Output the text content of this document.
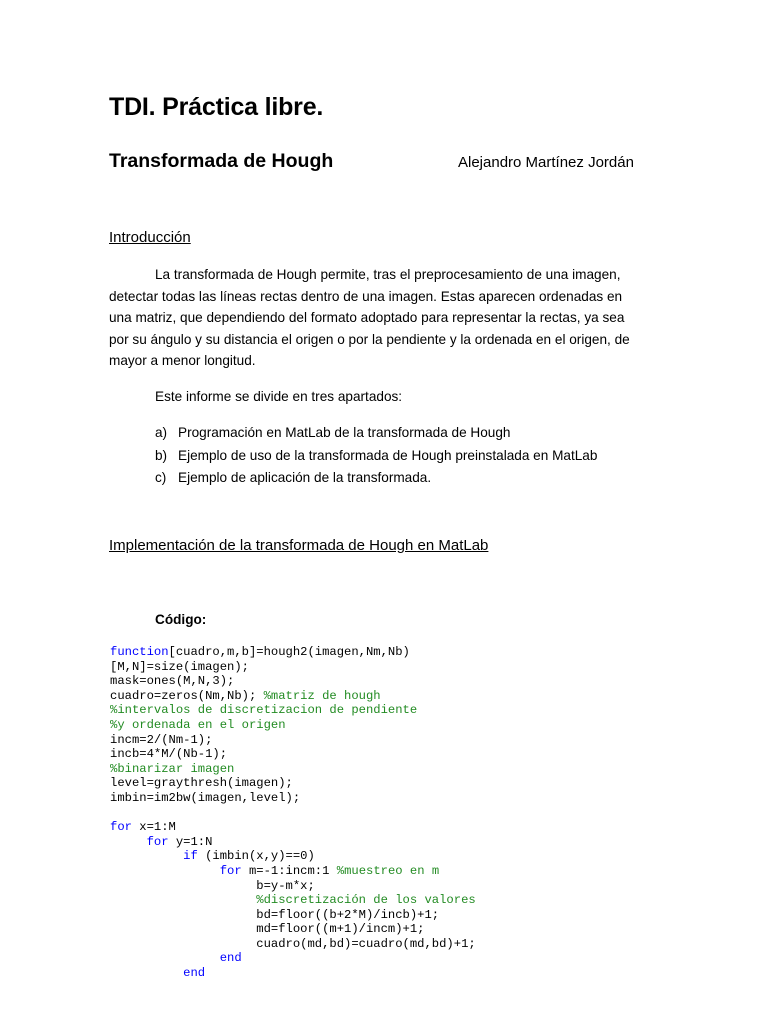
TDI. Práctica libre.
Transformada de Hough	Alejandro Martínez Jordán
Introducción
La transformada de Hough permite, tras el preprocesamiento de una imagen,
detectar todas las líneas rectas dentro de una imagen. Estas aparecen ordenadas en
una matriz, que dependiendo del formato adoptado para representar la rectas, ya sea
por su ángulo y su distancia el origen o por la pendiente y la ordenada en el origen, de
mayor a menor longitud.
Este informe se divide en tres apartados:
a) Programación en MatLab de la transformada de Hough
b) Ejemplo de uso de la transformada de Hough preinstalada en MatLab
c) Ejemplo de aplicación de la transformada.
Implementación de la transformada de Hough en MatLab
Código:
function[cuadro,m,b]=hough2(imagen,Nm,Nb)
[M,N]=size(imagen);
mask=ones(M,N,3);
cuadro=zeros(Nm,Nb); %matriz de hough
%intervalos de discretizacion de pendiente
%y ordenada en el origen
incm=2/(Nm-1);
incb=4*M/(Nb-1);
%binarizar imagen
level=graythresh(imagen);
imbin=im2bw(imagen,level);
for x=1:M
for y=1:N
if (imbin(x,y)==0)
for m=-1:incm:1 %muestreo en m
b=y-m*x;
%discretización de los valores
bd=floor((b+2*M)/incb)+1;
md=floor((m+1)/incm)+1;
cuadro(md,bd)=cuadro(md,bd)+1;
end
end
